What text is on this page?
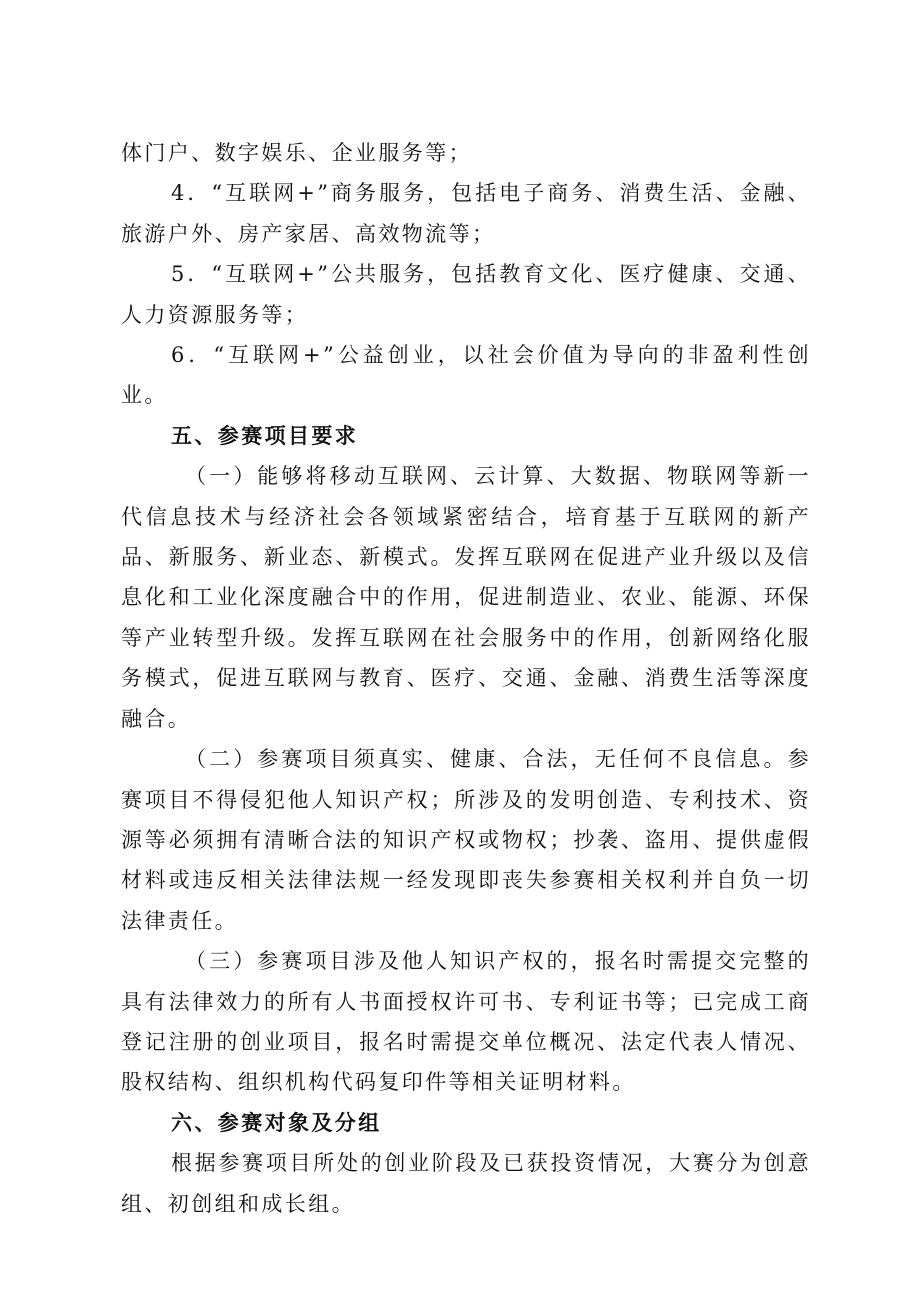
体门户、数字娱乐、企业服务等；

4．“互联网+”商务服务，包括电子商务、消费生活、金融、旅游户外、房产家居、高效物流等；

5．“互联网+”公共服务，包括教育文化、医疗健康、交通、人力资源服务等；

6．“互联网+”公益创业，以社会价值为导向的非盈利性创业。

五、参赛项目要求

（一）能够将移动互联网、云计算、大数据、物联网等新一代信息技术与经济社会各领域紧密结合，培育基于互联网的新产品、新服务、新业态、新模式。发挥互联网在促进产业升级以及信息化和工业化深度融合中的作用，促进制造业、农业、能源、环保等产业转型升级。发挥互联网在社会服务中的作用，创新网络化服务模式，促进互联网与教育、医疗、交通、金融、消费生活等深度融合。

（二）参赛项目须真实、健康、合法，无任何不良信息。参赛项目不得侵犯他人知识产权；所涉及的发明创造、专利技术、资源等必须拥有清晰合法的知识产权或物权；抄袭、盗用、提供虚假材料或违反相关法律法规一经发现即丧失参赛相关权利并自负一切法律责任。

（三）参赛项目涉及他人知识产权的，报名时需提交完整的具有法律效力的所有人书面授权许可书、专利证书等；已完成工商登记注册的创业项目，报名时需提交单位概况、法定代表人情况、股权结构、组织机构代码复印件等相关证明材料。

六、参赛对象及分组

根据参赛项目所处的创业阶段及已获投资情况，大赛分为创意组、初创组和成长组。
